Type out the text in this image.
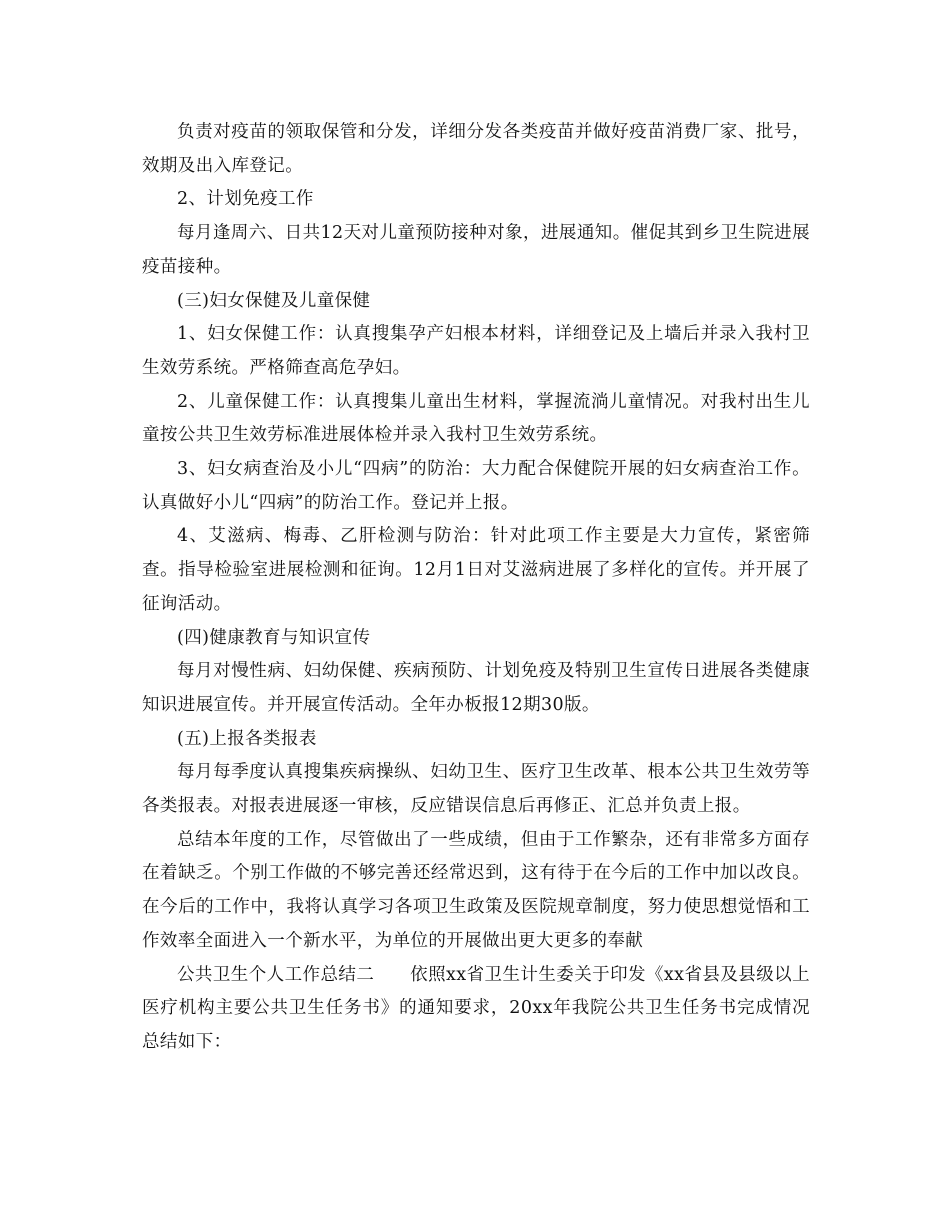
负责对疫苗的领取保管和分发，详细分发各类疫苗并做好疫苗消费厂家、批号，效期及出入库登记。

2、计划免疫工作

每月逢周六、日共12天对儿童预防接种对象，进展通知。催促其到乡卫生院进展疫苗接种。

(三)妇女保健及儿童保健

1、妇女保健工作：认真搜集孕产妇根本材料，详细登记及上墙后并录入我村卫生效劳系统。严格筛查高危孕妇。

2、儿童保健工作：认真搜集儿童出生材料，掌握流淌儿童情况。对我村出生儿童按公共卫生效劳标准进展体检并录入我村卫生效劳系统。

3、妇女病查治及小儿“四病”的防治：大力配合保健院开展的妇女病查治工作。认真做好小儿“四病”的防治工作。登记并上报。

4、艾滋病、梅毒、乙肝检测与防治：针对此项工作主要是大力宣传，紧密筛查。指导检验室进展检测和征询。12月1日对艾滋病进展了多样化的宣传。并开展了征询活动。

(四)健康教育与知识宣传

每月对慢性病、妇幼保健、疾病预防、计划免疫及特别卫生宣传日进展各类健康知识进展宣传。并开展宣传活动。全年办板报12期30版。

(五)上报各类报表

每月每季度认真搜集疾病操纵、妇幼卫生、医疗卫生改革、根本公共卫生效劳等各类报表。对报表进展逐一审核，反应错误信息后再修正、汇总并负责上报。

总结本年度的工作，尽管做出了一些成绩，但由于工作繁杂，还有非常多方面存在着缺乏。个别工作做的不够完善还经常迟到，这有待于在今后的工作中加以改良。在今后的工作中，我将认真学习各项卫生政策及医院规章制度，努力使思想觉悟和工作效率全面进入一个新水平，为单位的开展做出更大更多的奉献

公共卫生个人工作总结二　　依照xx省卫生计生委关于印发《xx省县及县级以上医疗机构主要公共卫生任务书》的通知要求，20xx年我院公共卫生任务书完成情况总结如下：
